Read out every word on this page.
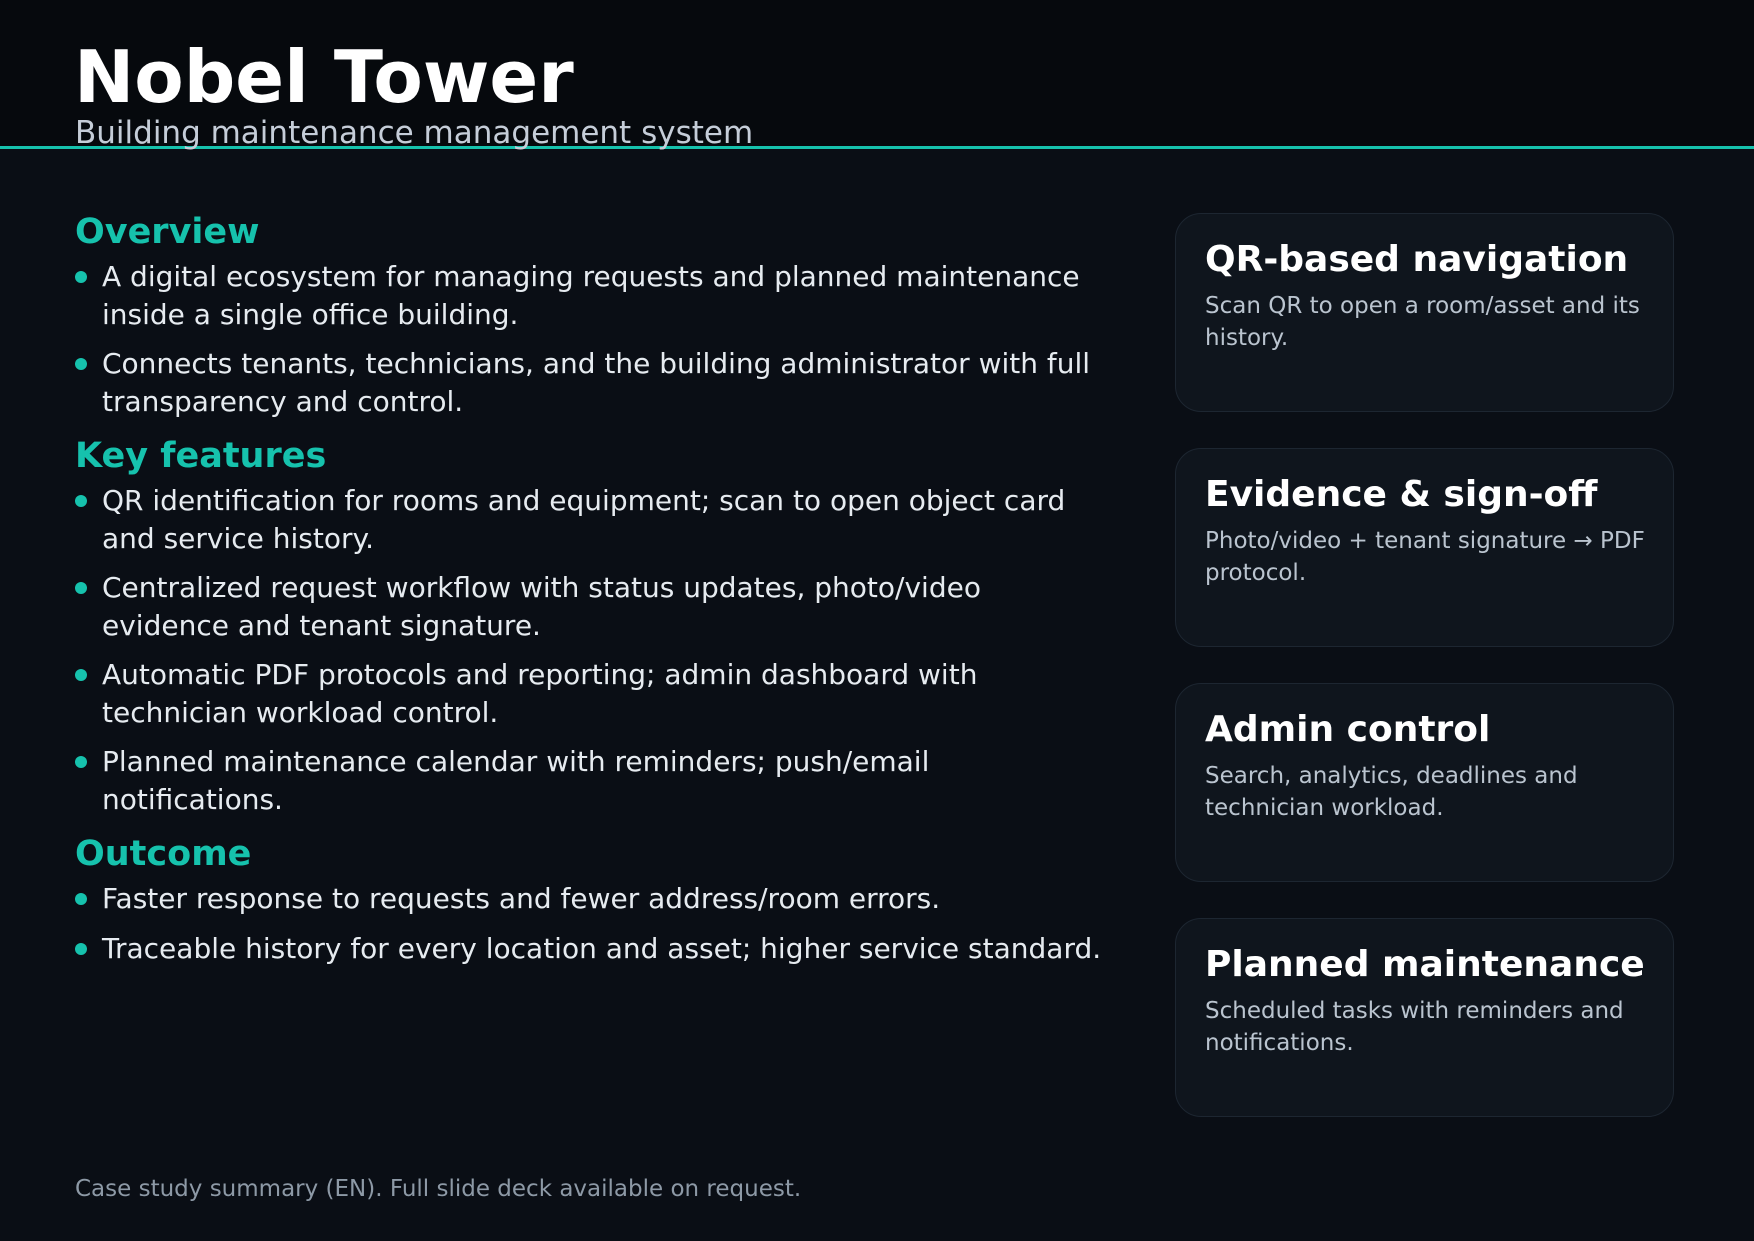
Nobel Tower
Building maintenance management system
Overview
A digital ecosystem for managing requests and planned maintenance inside a single office building.
Connects tenants, technicians, and the building administrator with full transparency and control.
Key features
QR identification for rooms and equipment; scan to open object card and service history.
Centralized request workflow with status updates, photo/video evidence and tenant signature.
Automatic PDF protocols and reporting; admin dashboard with technician workload control.
Planned maintenance calendar with reminders; push/email notifications.
Outcome
Faster response to requests and fewer address/room errors.
Traceable history for every location and asset; higher service standard.
QR-based navigation
Scan QR to open a room/asset and its history.
Evidence & sign-off
Photo/video + tenant signature → PDF protocol.
Admin control
Search, analytics, deadlines and technician workload.
Planned maintenance
Scheduled tasks with reminders and notifications.
Case study summary (EN). Full slide deck available on request.
